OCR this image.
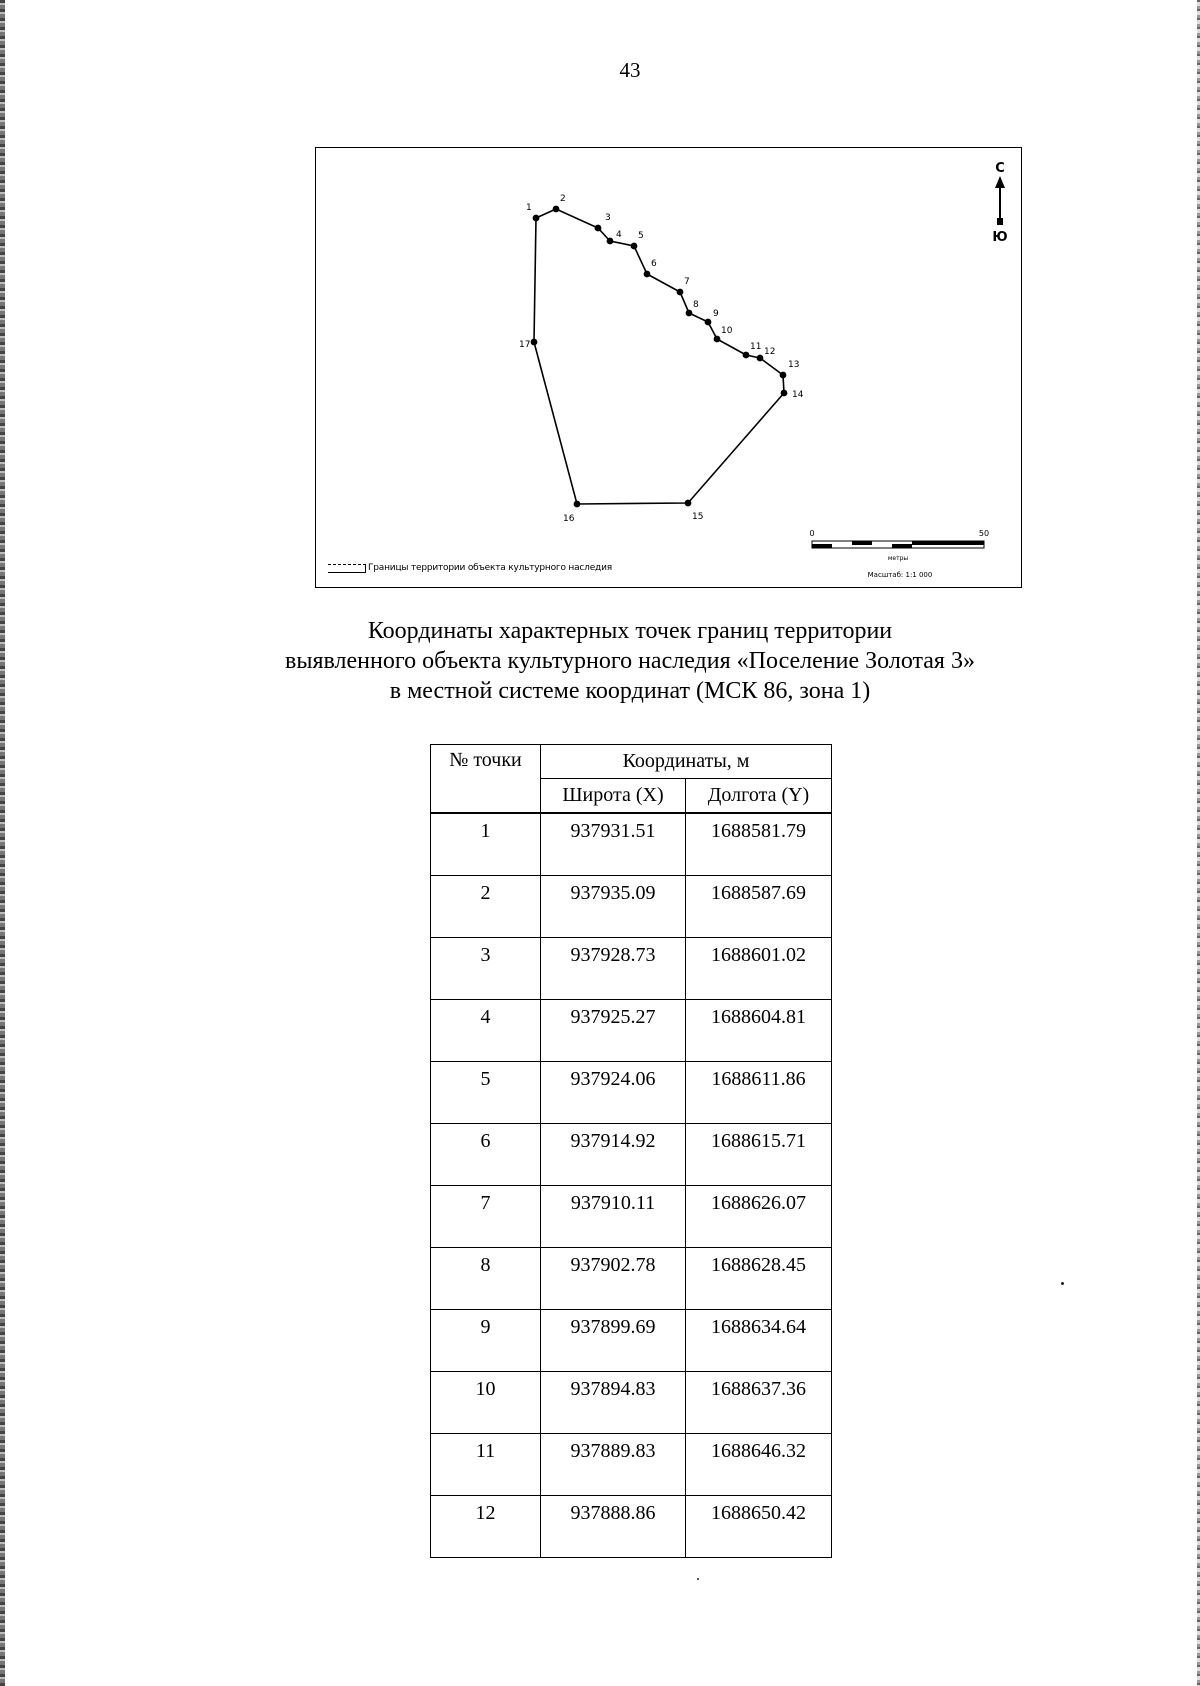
43
1
2
3
4 5
6
7
8
9
10
11 12
13
14
15
16
17
С
Ю
0	50
метры
Масштаб: 1:1 000
Границы территории объекта культурного наследия
Координаты характерных точек границ территории
выявленного объекта культурного наследия «Поселение Золотая 3»
в местной системе координат (МСК 86, зона 1)
№ точки	Координаты, м	
	Широта (X)	Долгота (Y)
1	937931.51	1688581.79
2	937935.09	1688587.69
3	937928.73	1688601.02
4	937925.27	1688604.81
5	937924.06	1688611.86
6	937914.92	1688615.71
7	937910.11	1688626.07
8	937902.78	1688628.45
9	937899.69	1688634.64
10	937894.83	1688637.36
11	937889.83	1688646.32
12	937888.86	1688650.42
